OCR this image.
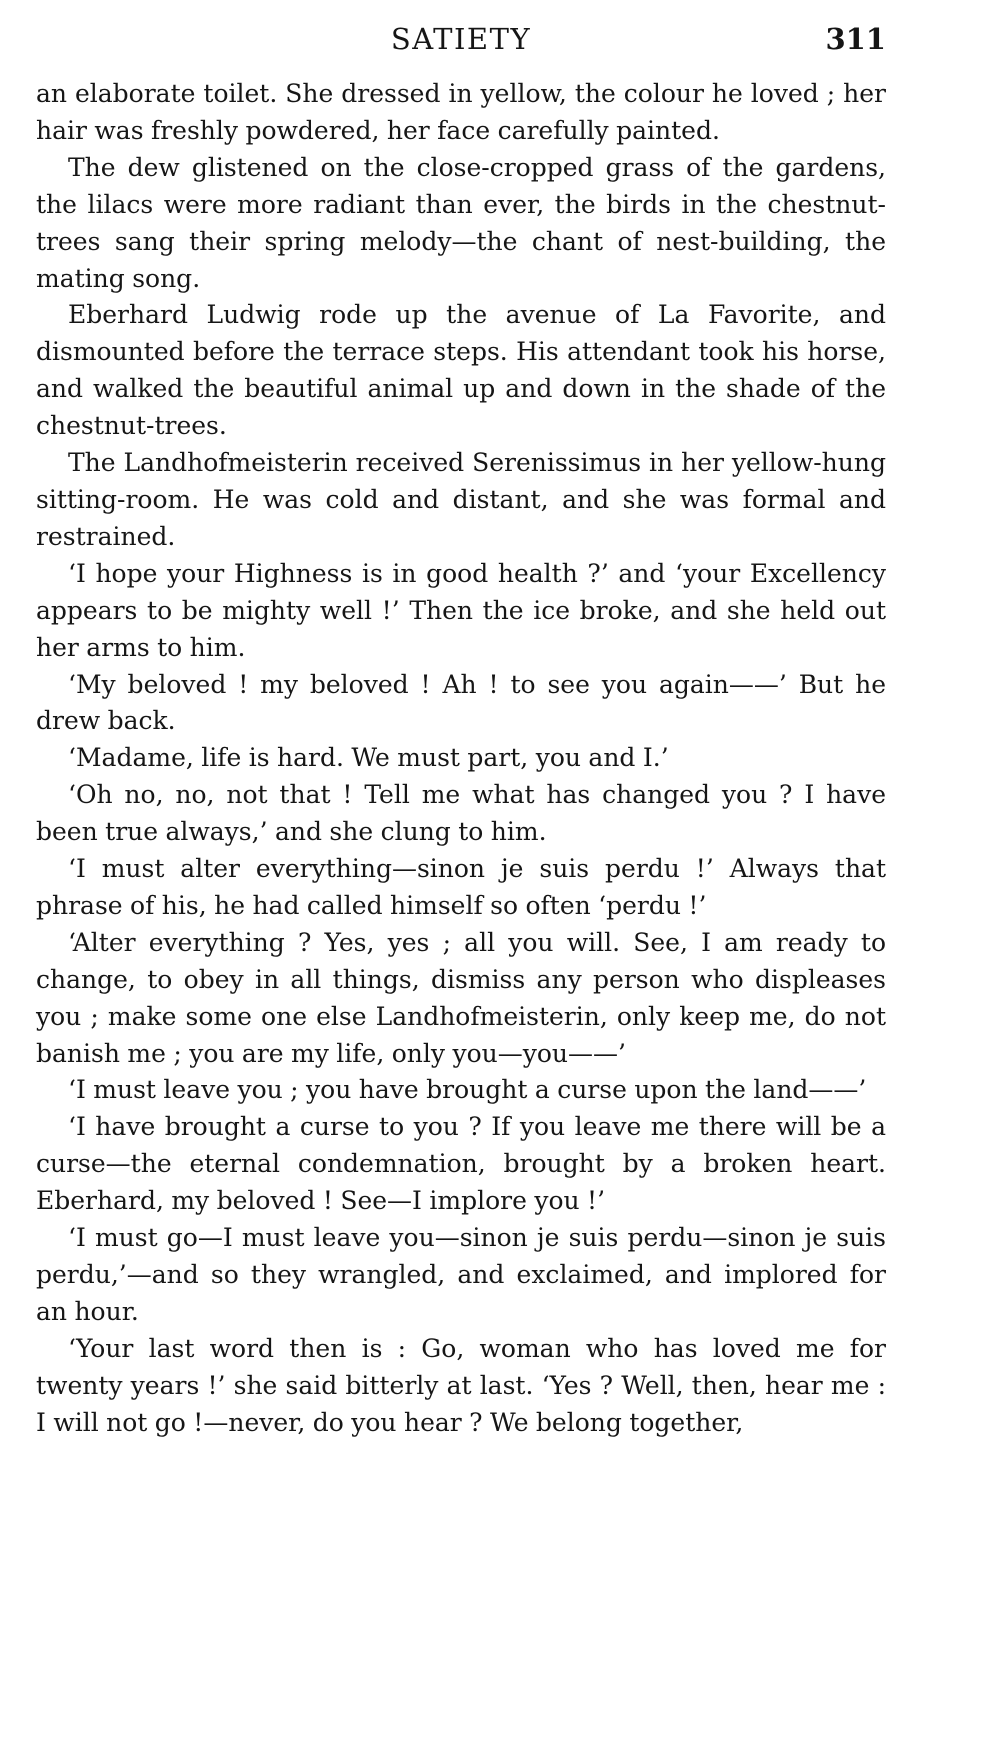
SATIETY	311

an elaborate toilet. She dressed in yellow, the colour he loved ; her hair was freshly powdered, her face carefully painted.

The dew glistened on the close-cropped grass of the gardens, the lilacs were more radiant than ever, the birds in the chestnut-trees sang their spring melody—the chant of nest-building, the mating song.

Eberhard Ludwig rode up the avenue of La Favorite, and dismounted before the terrace steps. His attendant took his horse, and walked the beautiful animal up and down in the shade of the chestnut-trees.

The Landhofmeisterin received Serenissimus in her yellow-hung sitting-room. He was cold and distant, and she was formal and restrained.

‘I hope your Highness is in good health ?’ and ‘your Excellency appears to be mighty well !’ Then the ice broke, and she held out her arms to him.

‘My beloved ! my beloved ! Ah ! to see you again——’ But he drew back.

‘Madame, life is hard. We must part, you and I.’

‘Oh no, no, not that ! Tell me what has changed you ? I have been true always,’ and she clung to him.

‘I must alter everything—sinon je suis perdu !’ Always that phrase of his, he had called himself so often ‘perdu !’

‘Alter everything ? Yes, yes ; all you will. See, I am ready to change, to obey in all things, dismiss any person who displeases you ; make some one else Landhofmeisterin, only keep me, do not banish me ; you are my life, only you—you——’

‘I must leave you ; you have brought a curse upon the land——’

‘I have brought a curse to you ? If you leave me there will be a curse—the eternal condemnation, brought by a broken heart. Eberhard, my beloved ! See—I implore you !’

‘I must go—I must leave you—sinon je suis perdu—sinon je suis perdu,’—and so they wrangled, and exclaimed, and implored for an hour.

‘Your last word then is : Go, woman who has loved me for twenty years !’ she said bitterly at last. ‘Yes ? Well, then, hear me : I will not go !—never, do you hear ? We belong together,
